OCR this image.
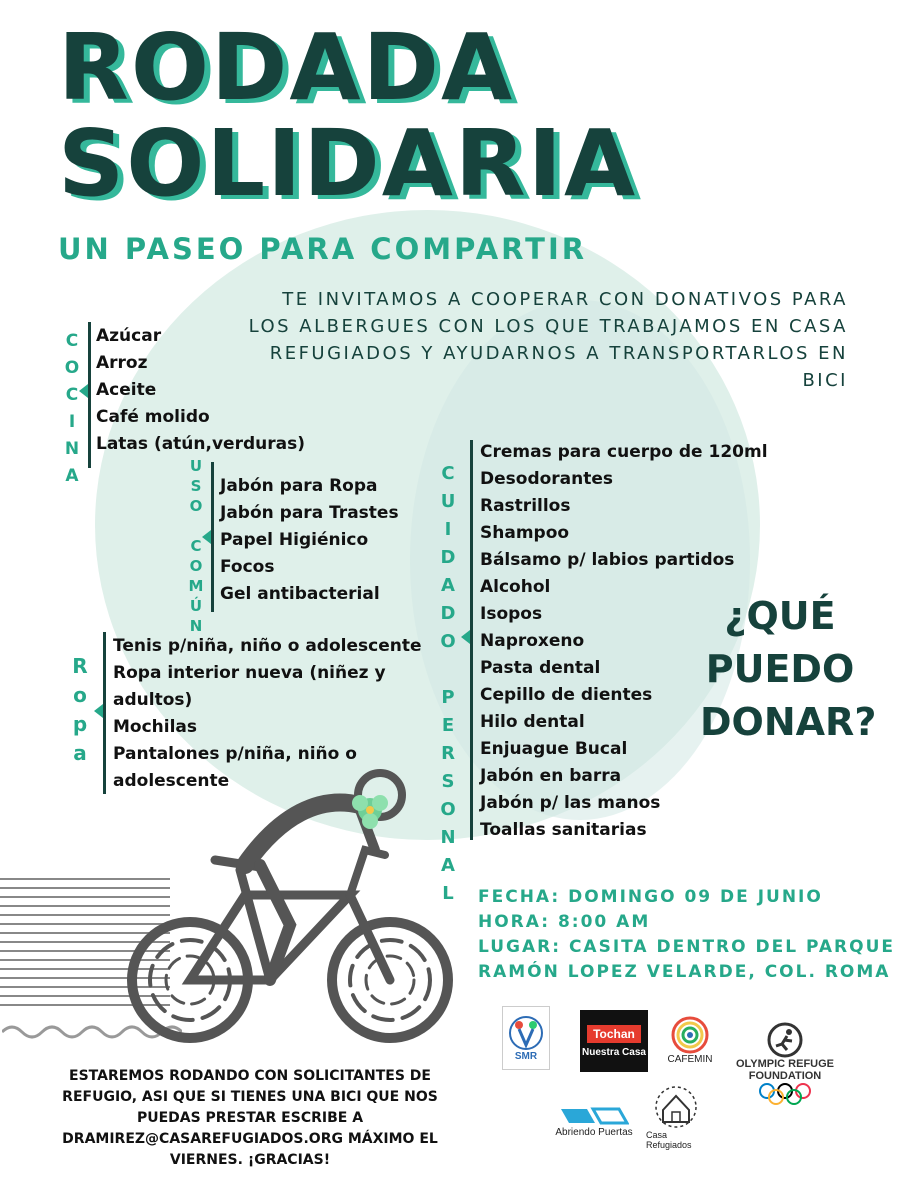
RODADA
SOLIDARIA
UN PASEO PARA COMPARTIR
TE INVITAMOS A COOPERAR CON DONATIVOS PARA LOS ALBERGUES CON LOS QUE TRABAJAMOS EN CASA REFUGIADOS Y AYUDARNOS A TRANSPORTARLOS EN BICI
C
O
C
I
N
A
Azúcar
Arroz
Aceite
Café molido
Latas (atún,verduras)
U
S
O

C
O
M
Ú
N
Jabón para Ropa
Jabón para Trastes
Papel Higiénico
Focos
Gel antibacterial
R
o
p
a
Tenis p/niña, niño o adolescente
Ropa interior nueva (niñez y
adultos)
Mochilas
Pantalones p/niña, niño o
adolescente
C
U
I
D
A
D
O

P
E
R
S
O
N
A
L
Cremas para cuerpo de 120ml
Desodorantes
Rastrillos
Shampoo
Bálsamo p/ labios partidos
Alcohol
Isopos
Naproxeno
Pasta dental
Cepillo de dientes
Hilo dental
Enjuague Bucal
Jabón en barra
Jabón p/ las manos
Toallas sanitarias
¿QUÉ
PUEDO
DONAR?
FECHA: DOMINGO 09 DE JUNIO
HORA: 8:00 AM
LUGAR: CASITA DENTRO DEL PARQUE
RAMÓN LOPEZ VELARDE, COL. ROMA
ESTAREMOS RODANDO CON SOLICITANTES DE REFUGIO, ASI QUE SI TIENES UNA BICI QUE NOS PUEDAS PRESTAR ESCRIBE A DRAMIREZ@CASAREFUGIADOS.ORG MÁXIMO EL VIERNES. ¡GRACIAS!
SMR
Tochan
Nuestra Casa
CAFEMIN OLYMPIC REFUGE
FOUNDATION
Abriendo Puertas Casa Refugiados
